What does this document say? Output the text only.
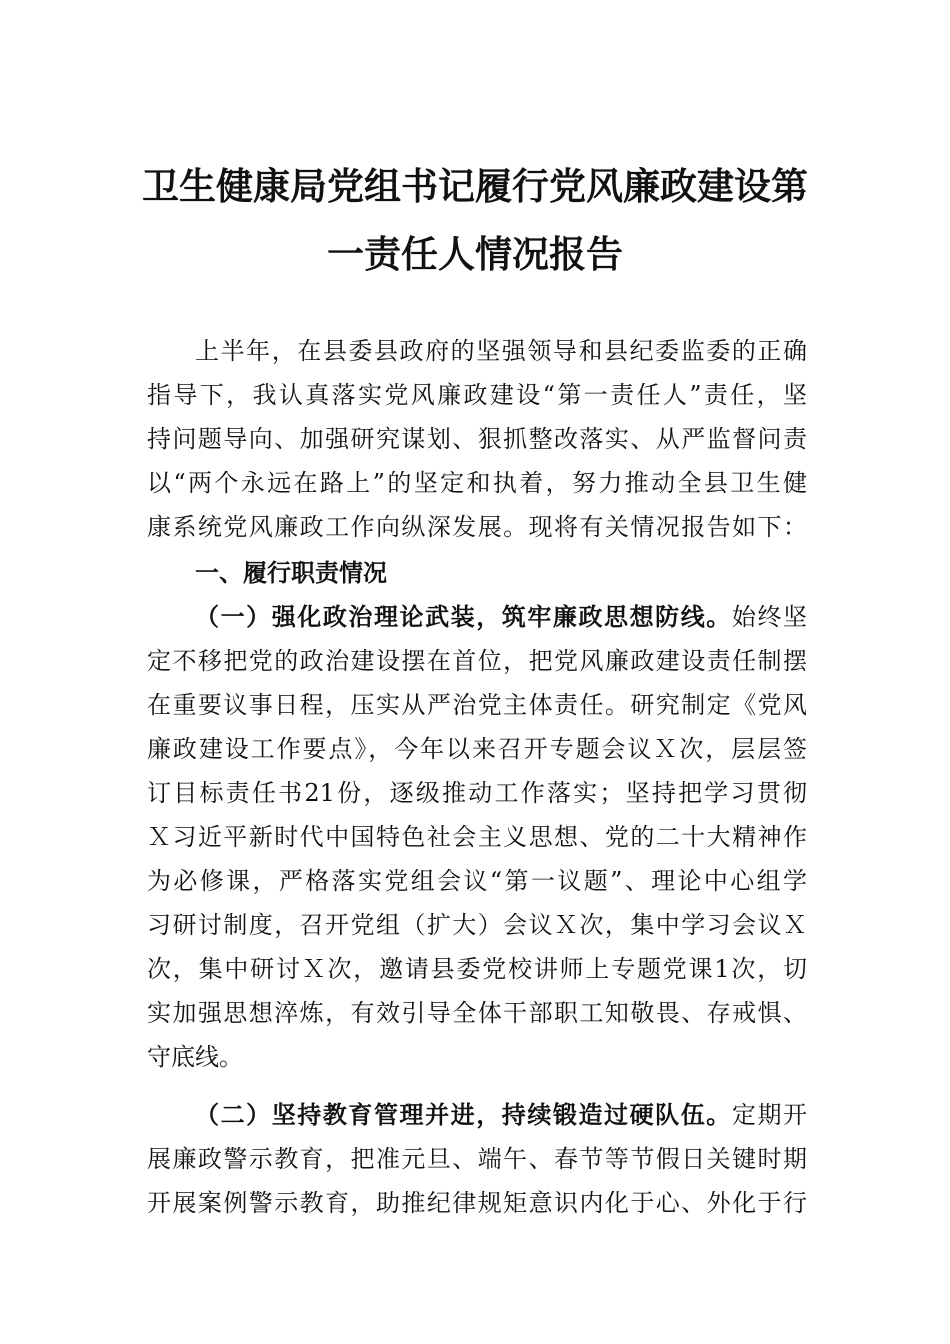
卫生健康局党组书记履行党风廉政建设第
一责任人情况报告
上半年，在县委县政府的坚强领导和县纪委监委的正确
指导下，我认真落实党风廉政建设“第一责任人”责任，坚
持问题导向、加强研究谋划、狠抓整改落实、从严监督问责
以“两个永远在路上”的坚定和执着，努力推动全县卫生健
康系统党风廉政工作向纵深发展。现将有关情况报告如下：
一、履行职责情况
（一）强化政治理论武装，筑牢廉政思想防线。始终坚
定不移把党的政治建设摆在首位，把党风廉政建设责任制摆
在重要议事日程，压实从严治党主体责任。研究制定《党风
廉政建设工作要点》，今年以来召开专题会议Ｘ次，层层签
订目标责任书21份，逐级推动工作落实；坚持把学习贯彻
Ｘ习近平新时代中国特色社会主义思想、党的二十大精神作
为必修课，严格落实党组会议“第一议题”、理论中心组学
习研讨制度，召开党组（扩大）会议Ｘ次，集中学习会议Ｘ
次，集中研讨Ｘ次，邀请县委党校讲师上专题党课1次，切
实加强思想淬炼，有效引导全体干部职工知敬畏、存戒惧、
守底线。
（二）坚持教育管理并进，持续锻造过硬队伍。定期开
展廉政警示教育，把准元旦、端午、春节等节假日关键时期
开展案例警示教育，助推纪律规矩意识内化于心、外化于行
